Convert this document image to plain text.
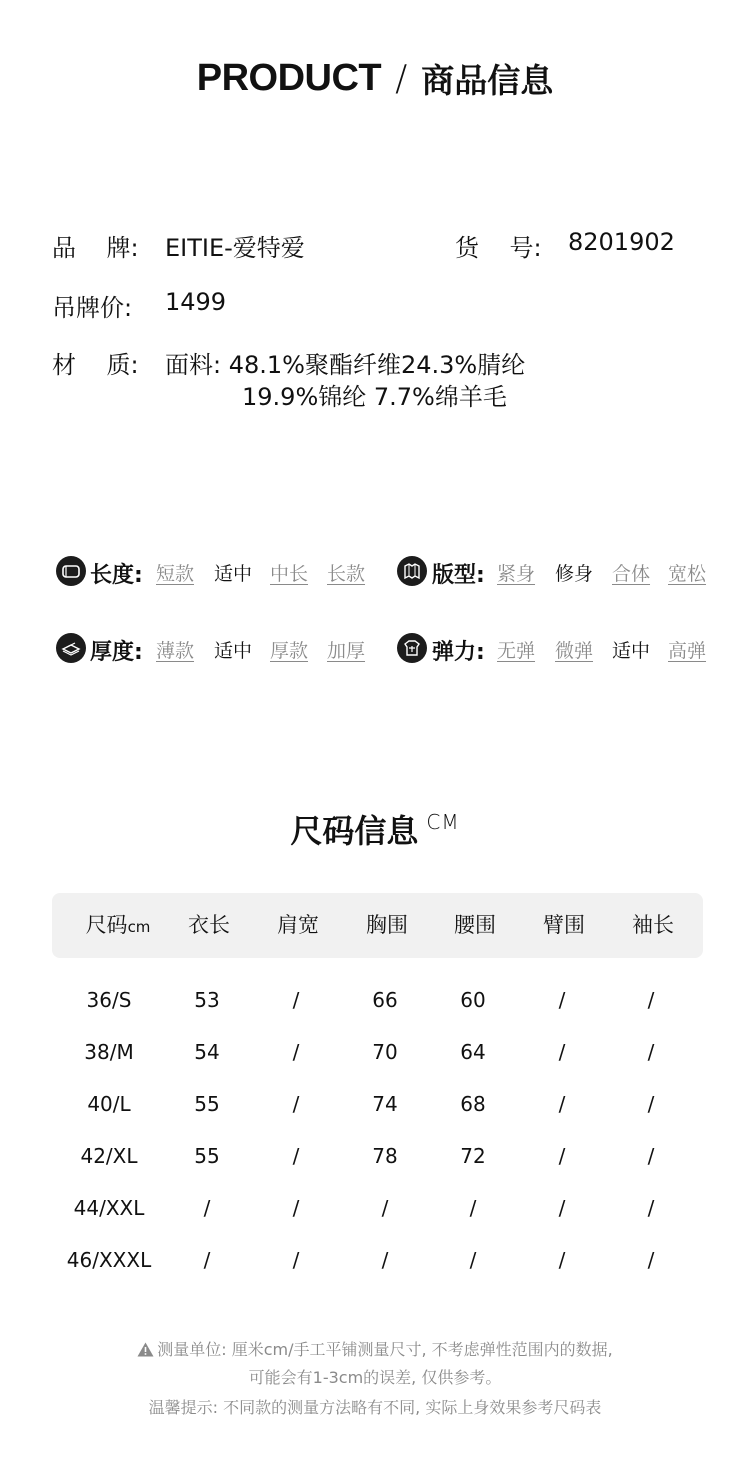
PRODUCT / 商品信息
品    牌: EITIE-爱特爱	货    号: 8201902
吊牌价: 1499
材    质: 面料: 48.1%聚酯纤维24.3%腈纶
19.9%锦纶 7.7%绵羊毛
长度: 短款 适中 中长 长款	版型: 紧身 修身 合体 宽松
厚度: 薄款 适中 厚款 加厚	弹力: 无弹 微弹 适中 高弹
尺码信息 CM
尺码cm	衣长	肩宽	胸围	腰围	臂围	袖长
36/S	53	/	66	60	/	/
38/M	54	/	70	64	/	/
40/L	55	/	74	68	/	/
42/XL	55	/	78	72	/	/
44/XXL	/	/	/	/	/	/
46/XXXL	/	/	/	/	/	/
测量单位: 厘米cm/手工平铺测量尺寸, 不考虑弹性范围内的数据,
可能会有1-3cm的误差, 仅供参考。
温馨提示: 不同款的测量方法略有不同, 实际上身效果参考尺码表
